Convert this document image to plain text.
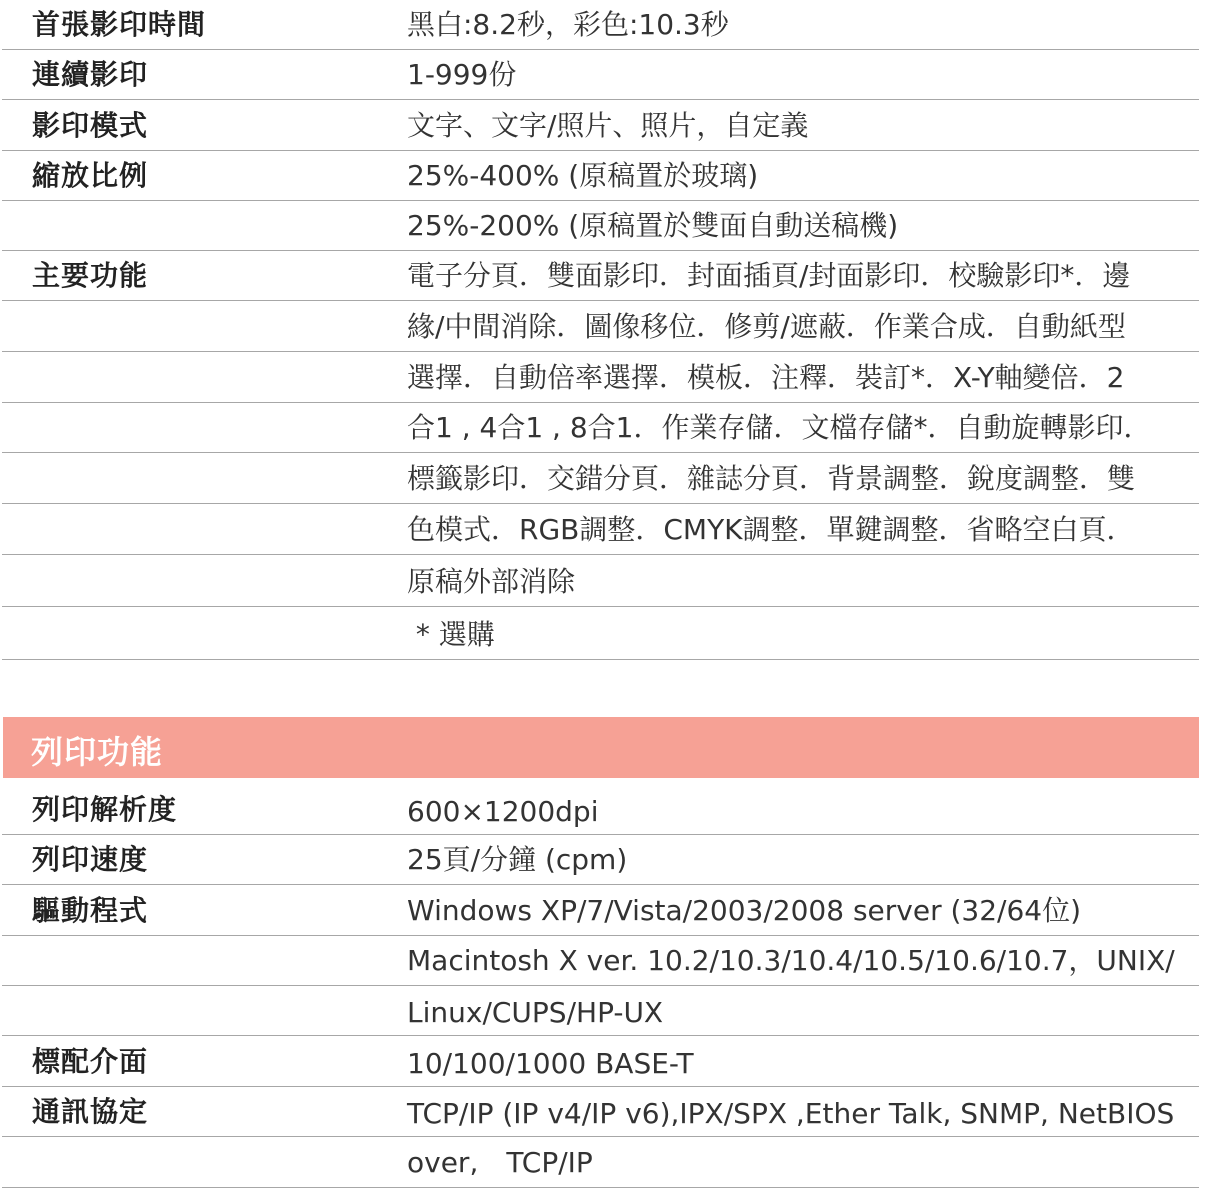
首張影印時間	黑白:8.2秒，彩色:10.3秒
連續影印	1-999份
影印模式	文字、文字/照片、照片，自定義
縮放比例	25%-400% (原稿置於玻璃)
25%-200% (原稿置於雙面自動送稿機)
主要功能	電子分頁．雙面影印．封面插頁/封面影印．校驗影印*．邊
緣/中間消除．圖像移位．修剪/遮蔽．作業合成．自動紙型
選擇．自動倍率選擇．模板．注釋．裝訂*．X-Y軸變倍．2
合1 , 4合1 , 8合1．作業存儲．文檔存儲*．自動旋轉影印．
標籤影印．交錯分頁．雜誌分頁．背景調整．銳度調整．雙
色模式．RGB調整．CMYK調整．單鍵調整．省略空白頁．
原稿外部消除
* 選購
列印功能
列印解析度	600×1200dpi
列印速度	25頁/分鐘 (cpm)
驅動程式	Windows XP/7/Vista/2003/2008 server (32/64位)
Macintosh X ver. 10.2/10.3/10.4/10.5/10.6/10.7，UNIX/
Linux/CUPS/HP-UX
標配介面	10/100/1000 BASE-T
通訊協定	TCP/IP (IP v4/IP v6),IPX/SPX ,Ether Talk, SNMP, NetBIOS
over,　TCP/IP
